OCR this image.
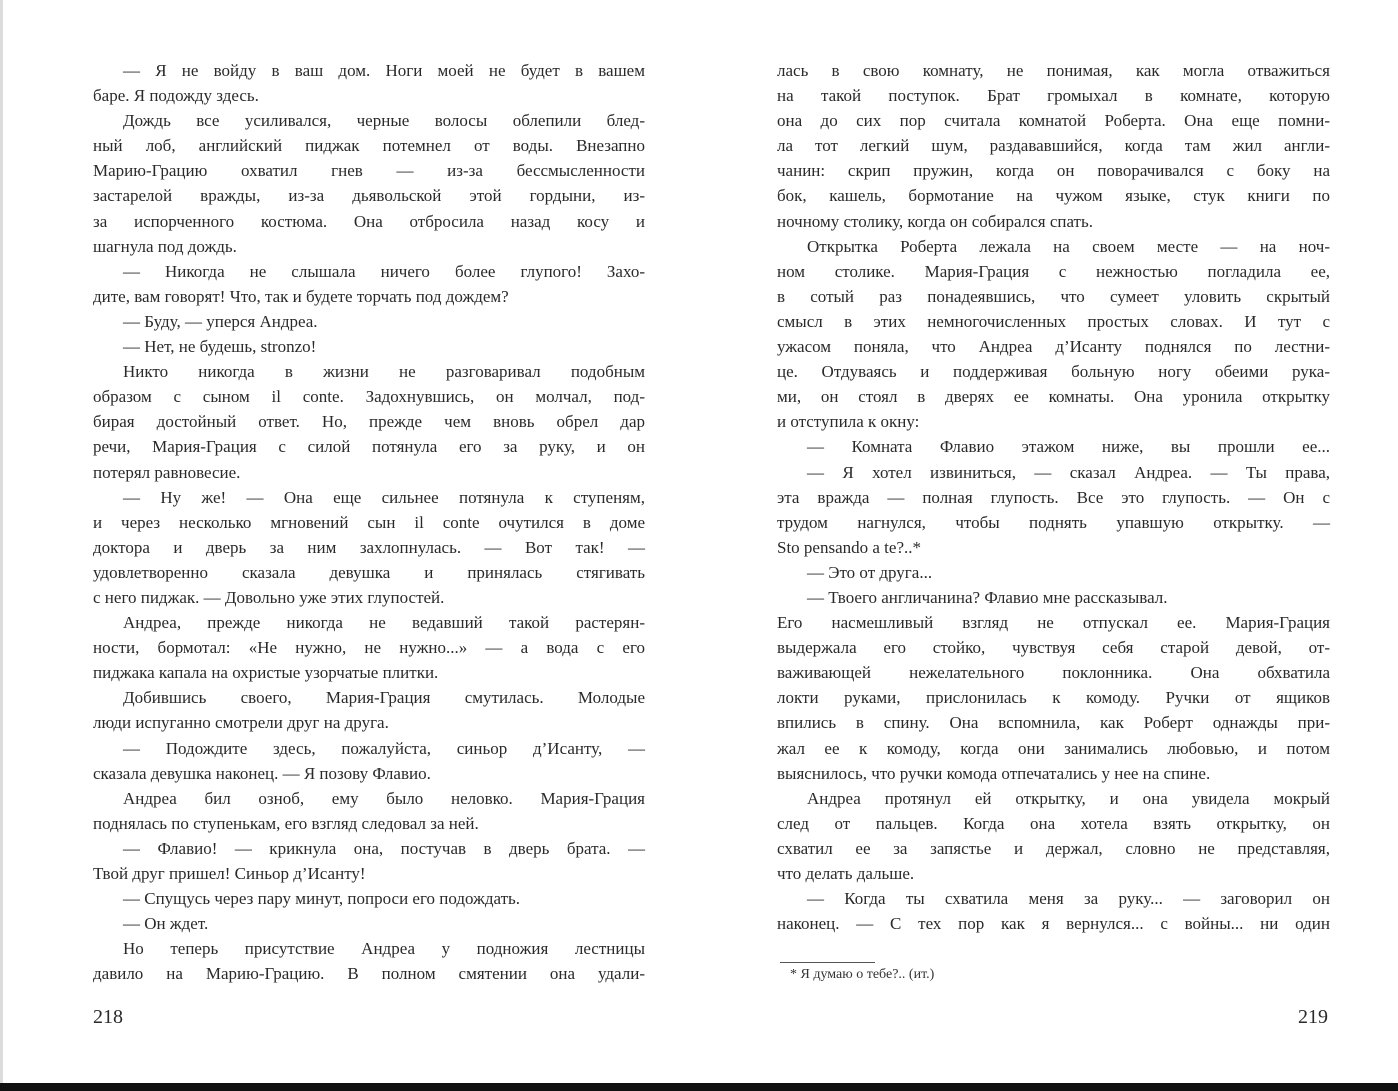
— Я не войду в ваш дом. Ноги моей не будет в вашем
баре. Я подожду здесь.
Дождь все усиливался, черные волосы облепили блед-
ный лоб, английский пиджак потемнел от воды. Внезапно
Марию-Грацию охватил гнев — из-за бессмысленности
застарелой вражды, из-за дьявольской этой гордыни, из-
за испорченного костюма. Она отбросила назад косу и
шагнула под дождь.
— Никогда не слышала ничего более глупого! Захо-
дите, вам говорят! Что, так и будете торчать под дождем?
— Буду, — уперся Андреа.
— Нет, не будешь, stronzo!
Никто никогда в жизни не разговаривал подобным
образом с сыном il conte. Задохнувшись, он молчал, под-
бирая достойный ответ. Но, прежде чем вновь обрел дар
речи, Мария-Грация с силой потянула его за руку, и он
потерял равновесие.
— Ну же! — Она еще сильнее потянула к ступеням,
и через несколько мгновений сын il conte очутился в доме
доктора и дверь за ним захлопнулась. — Вот так! —
удовлетворенно сказала девушка и принялась стягивать
с него пиджак. — Довольно уже этих глупостей.
Андреа, прежде никогда не ведавший такой растерян-
ности, бормотал: «Не нужно, не нужно...» — а вода с его
пиджака капала на охристые узорчатые плитки.
Добившись своего, Мария-Грация смутилась. Молодые
люди испуганно смотрели друг на друга.
— Подождите здесь, пожалуйста, синьор д’Исанту, —
сказала девушка наконец. — Я позову Флавио.
Андреа бил озноб, ему было неловко. Мария-Грация
поднялась по ступенькам, его взгляд следовал за ней.
— Флавио! — крикнула она, постучав в дверь брата. —
Твой друг пришел! Синьор д’Исанту!
— Спущусь через пару минут, попроси его подождать.
— Он ждет.
Но теперь присутствие Андреа у подножия лестницы
давило на Марию-Грацию. В полном смятении она удали-
218
лась в свою комнату, не понимая, как могла отважиться
на такой поступок. Брат громыхал в комнате, которую
она до сих пор считала комнатой Роберта. Она еще помни-
ла тот легкий шум, раздававшийся, когда там жил англи-
чанин: скрип пружин, когда он поворачивался с боку на
бок, кашель, бормотание на чужом языке, стук книги по
ночному столику, когда он собирался спать.
Открытка Роберта лежала на своем месте — на ноч-
ном столике. Мария-Грация с нежностью погладила ее,
в сотый раз понадеявшись, что сумеет уловить скрытый
смысл в этих немногочисленных простых словах. И тут с
ужасом поняла, что Андреа д’Исанту поднялся по лестни-
це. Отдуваясь и поддерживая больную ногу обеими рука-
ми, он стоял в дверях ее комнаты. Она уронила открытку
и отступила к окну:
— Комната Флавио этажом ниже, вы прошли ее...
— Я хотел извиниться, — сказал Андреа. — Ты права,
эта вражда — полная глупость. Все это глупость. — Он с
трудом нагнулся, чтобы поднять упавшую открытку. —
Sto pensando a te?..*
— Это от друга...
— Твоего англичанина? Флавио мне рассказывал.
Его насмешливый взгляд не отпускал ее. Мария-Грация
выдержала его стойко, чувствуя себя старой девой, от-
важивающей нежелательного поклонника. Она обхватила
локти руками, прислонилась к комоду. Ручки от ящиков
впились в спину. Она вспомнила, как Роберт однажды при-
жал ее к комоду, когда они занимались любовью, и потом
выяснилось, что ручки комода отпечатались у нее на спине.
Андреа протянул ей открытку, и она увидела мокрый
след от пальцев. Когда она хотела взять открытку, он
схватил ее за запястье и держал, словно не представляя,
что делать дальше.
— Когда ты схватила меня за руку... — заговорил он
наконец. — С тех пор как я вернулся... с войны... ни один
* Я думаю о тебе?.. (ит.)
219
